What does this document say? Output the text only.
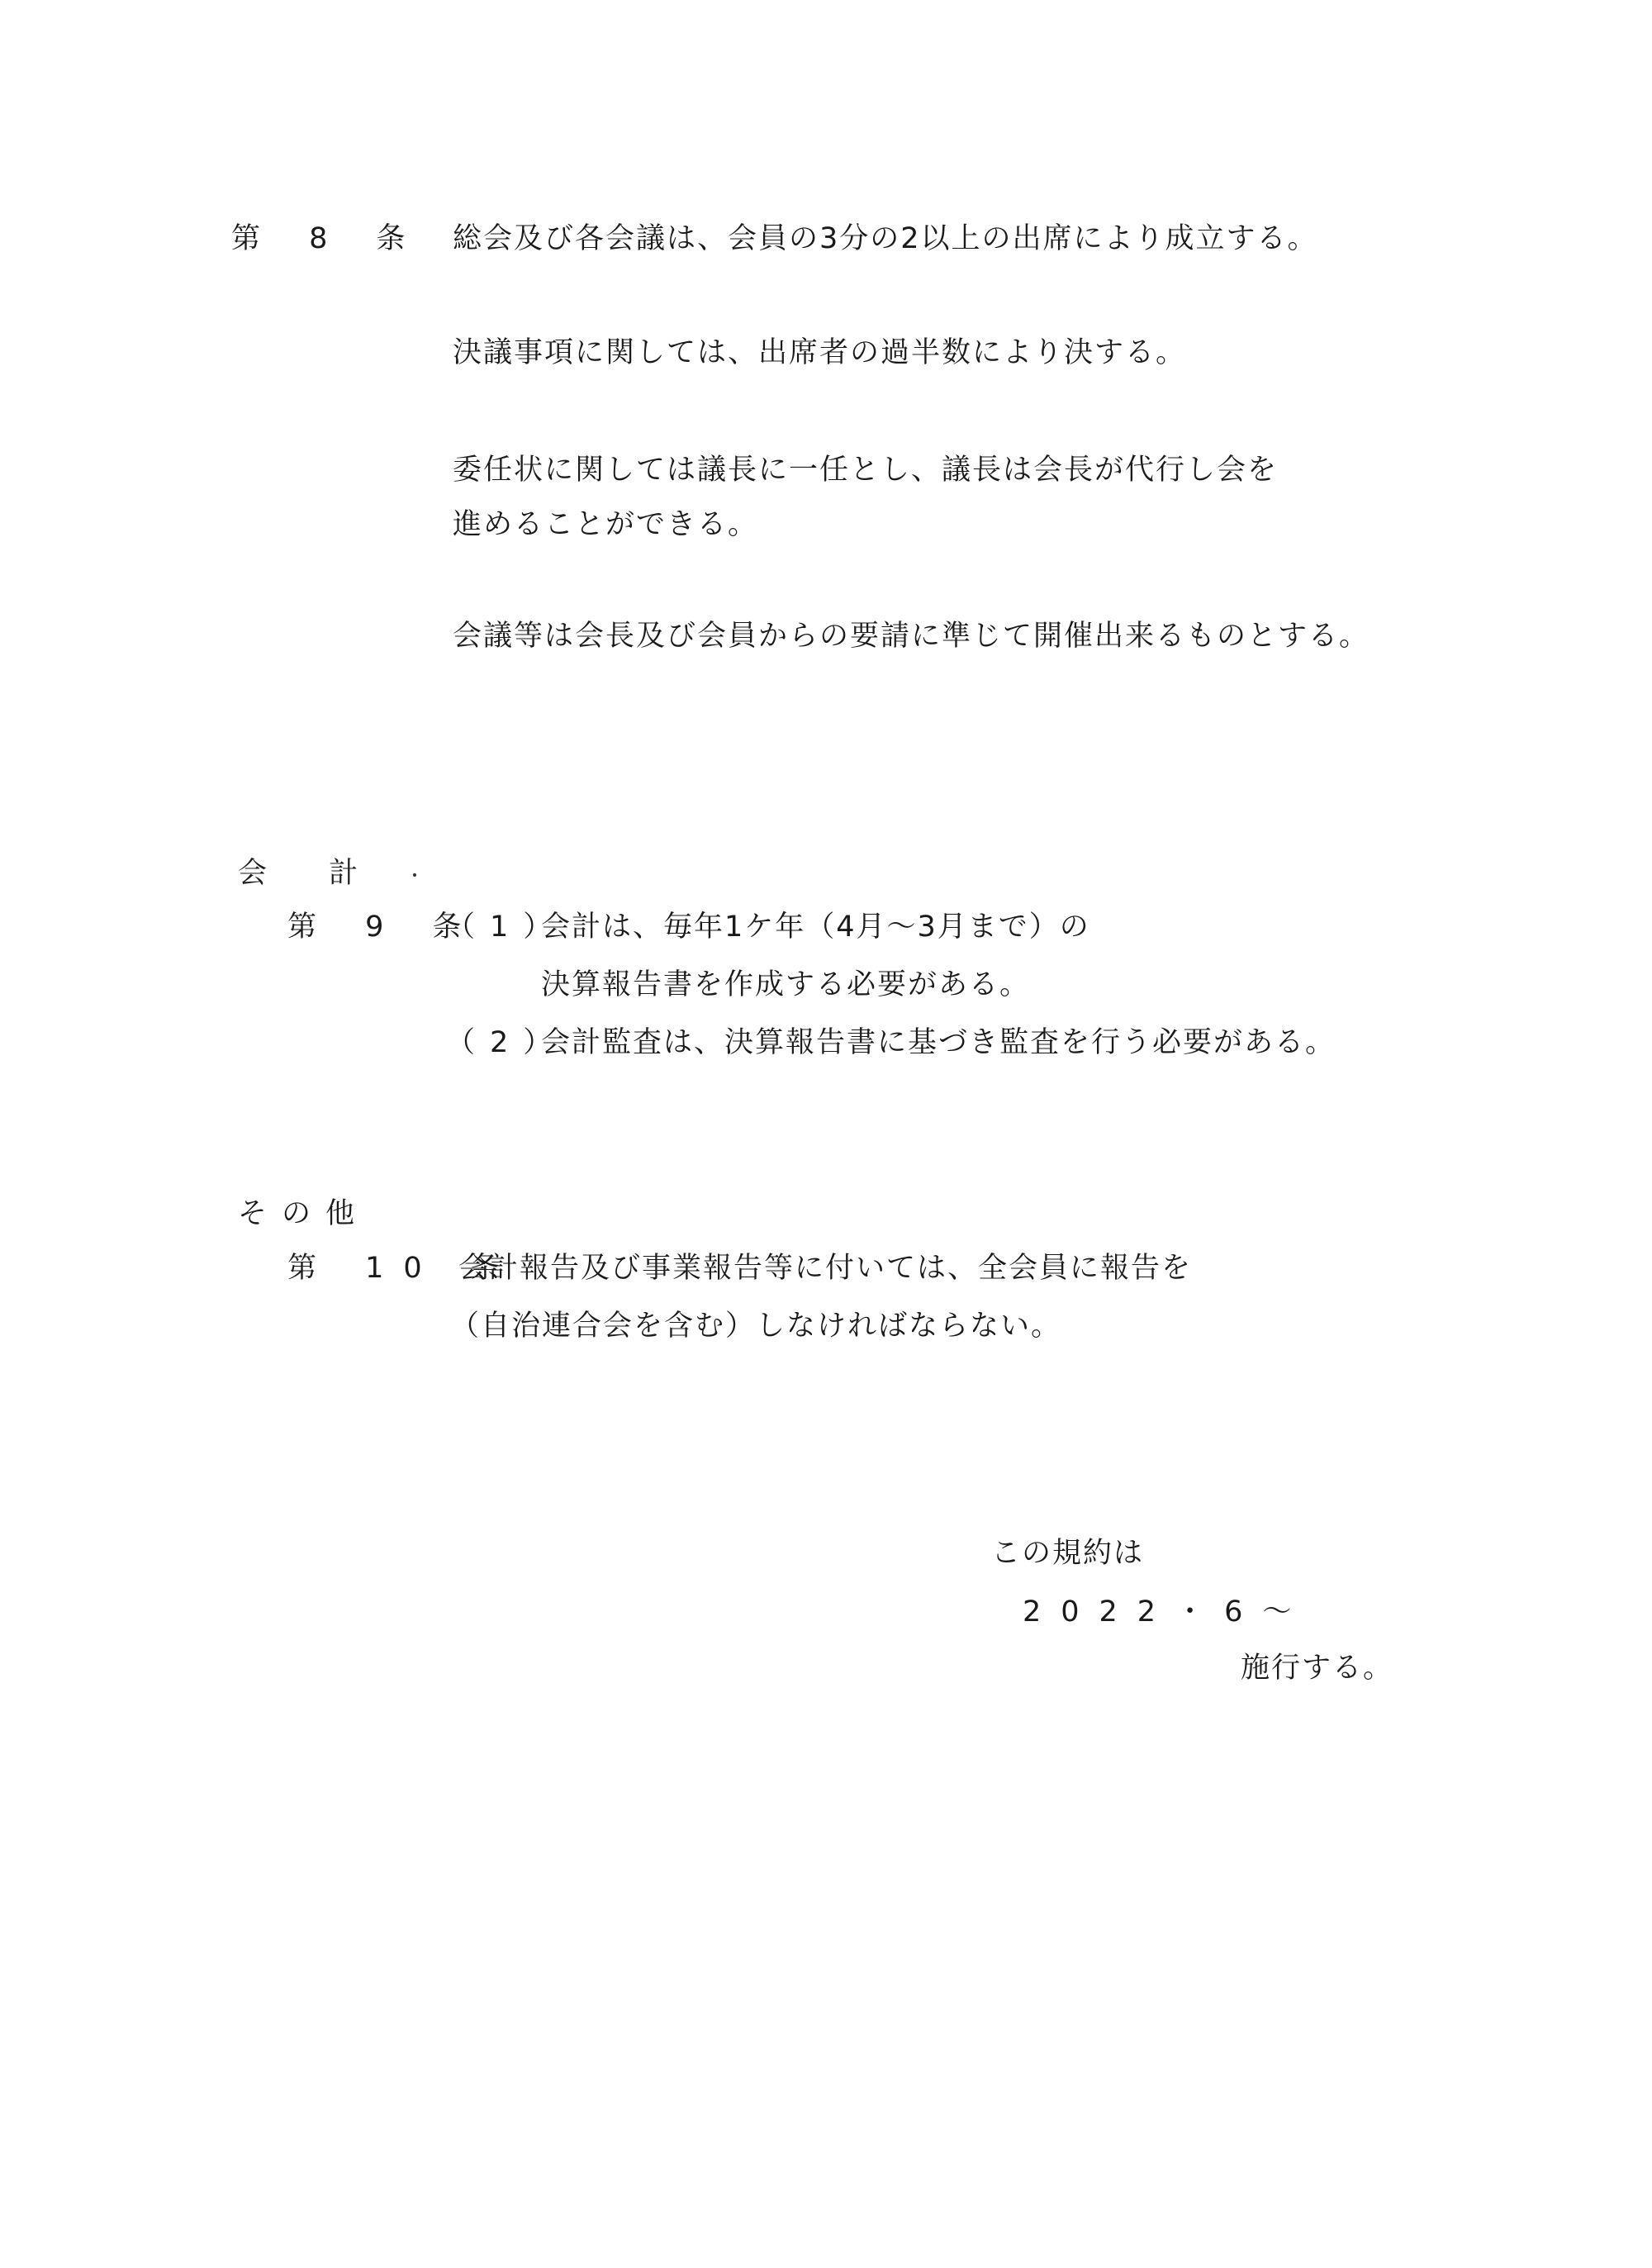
第 8 条 総会及び各会議は、会員の3分の2以上の出席により成立する。
決議事項に関しては、出席者の過半数により決する。
委任状に関しては議長に一任とし、議長は会長が代行し会を
進めることができる。
会議等は会長及び会員からの要請に準じて開催出来るものとする。
会 計
第 9 条
（1）
会計は、毎年1ケ年（4月～3月まで）の
決算報告書を作成する必要がある。
（2）
会計監査は、決算報告書に基づき監査を行う必要がある。
その他
第 10 条
会計報告及び事業報告等に付いては、全会員に報告を
（自治連合会を含む）しなければならない。
この規約は
2022・6～
施行する。
